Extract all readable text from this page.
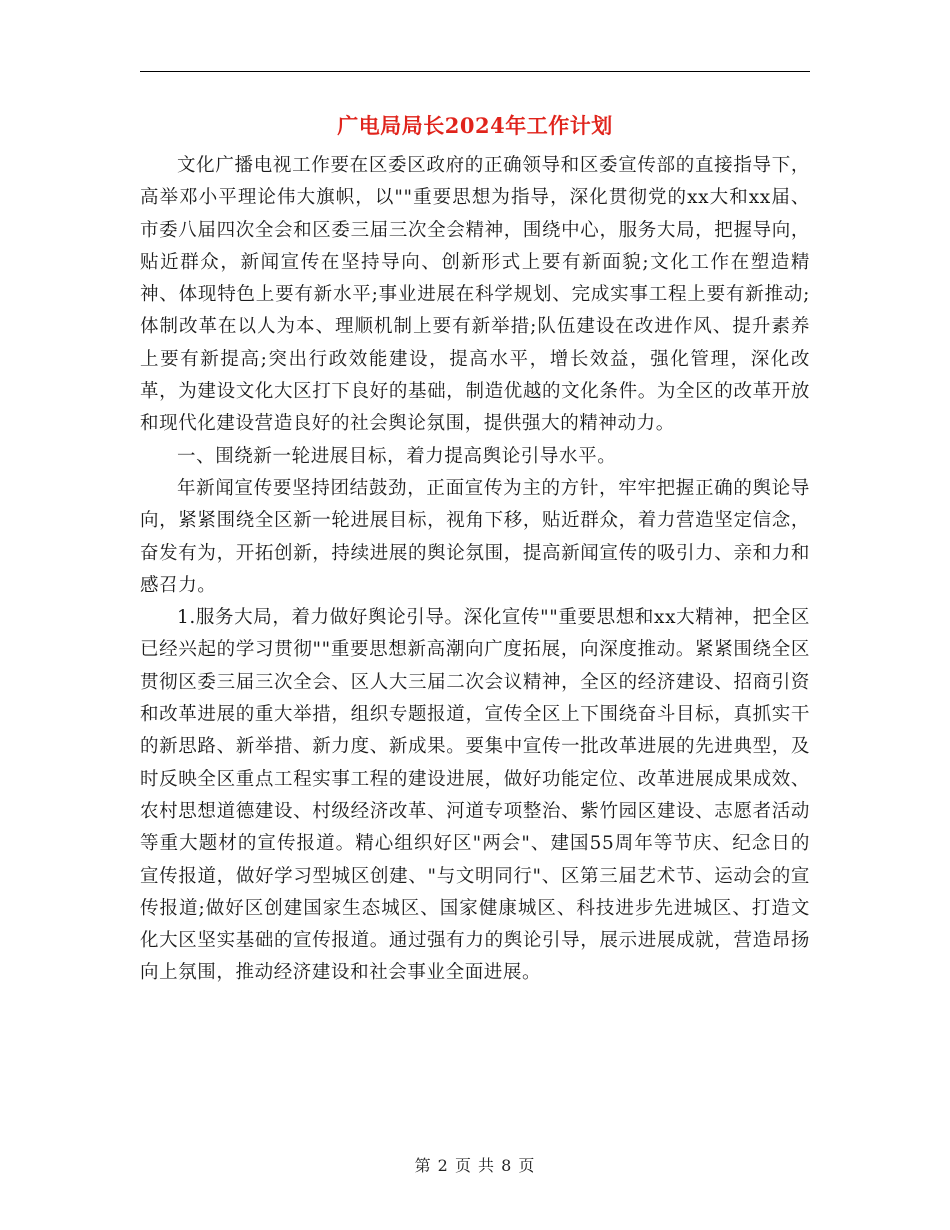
广电局局长2024年工作计划

文化广播电视工作要在区委区政府的正确领导和区委宣传部的直接指导下，高举邓小平理论伟大旗帜，以""重要思想为指导，深化贯彻党的xx大和xx届、市委八届四次全会和区委三届三次全会精神，围绕中心，服务大局，把握导向，贴近群众，新闻宣传在坚持导向、创新形式上要有新面貌;文化工作在塑造精神、体现特色上要有新水平;事业进展在科学规划、完成实事工程上要有新推动;体制改革在以人为本、理顺机制上要有新举措;队伍建设在改进作风、提升素养上要有新提高;突出行政效能建设，提高水平，增长效益，强化管理，深化改革，为建设文化大区打下良好的基础，制造优越的文化条件。为全区的改革开放和现代化建设营造良好的社会舆论氛围，提供强大的精神动力。

一、围绕新一轮进展目标，着力提高舆论引导水平。

年新闻宣传要坚持团结鼓劲，正面宣传为主的方针，牢牢把握正确的舆论导向，紧紧围绕全区新一轮进展目标，视角下移，贴近群众，着力营造坚定信念，奋发有为，开拓创新，持续进展的舆论氛围，提高新闻宣传的吸引力、亲和力和感召力。

1.服务大局，着力做好舆论引导。深化宣传""重要思想和xx大精神，把全区已经兴起的学习贯彻""重要思想新高潮向广度拓展，向深度推动。紧紧围绕全区贯彻区委三届三次全会、区人大三届二次会议精神，全区的经济建设、招商引资和改革进展的重大举措，组织专题报道，宣传全区上下围绕奋斗目标，真抓实干的新思路、新举措、新力度、新成果。要集中宣传一批改革进展的先进典型，及时反映全区重点工程实事工程的建设进展，做好功能定位、改革进展成果成效、农村思想道德建设、村级经济改革、河道专项整治、紫竹园区建设、志愿者活动等重大题材的宣传报道。精心组织好区"两会"、建国55周年等节庆、纪念日的宣传报道，做好学习型城区创建、"与文明同行"、区第三届艺术节、运动会的宣传报道;做好区创建国家生态城区、国家健康城区、科技进步先进城区、打造文化大区坚实基础的宣传报道。通过强有力的舆论引导，展示进展成就，营造昂扬向上氛围，推动经济建设和社会事业全面进展。

第 2 页 共 8 页
